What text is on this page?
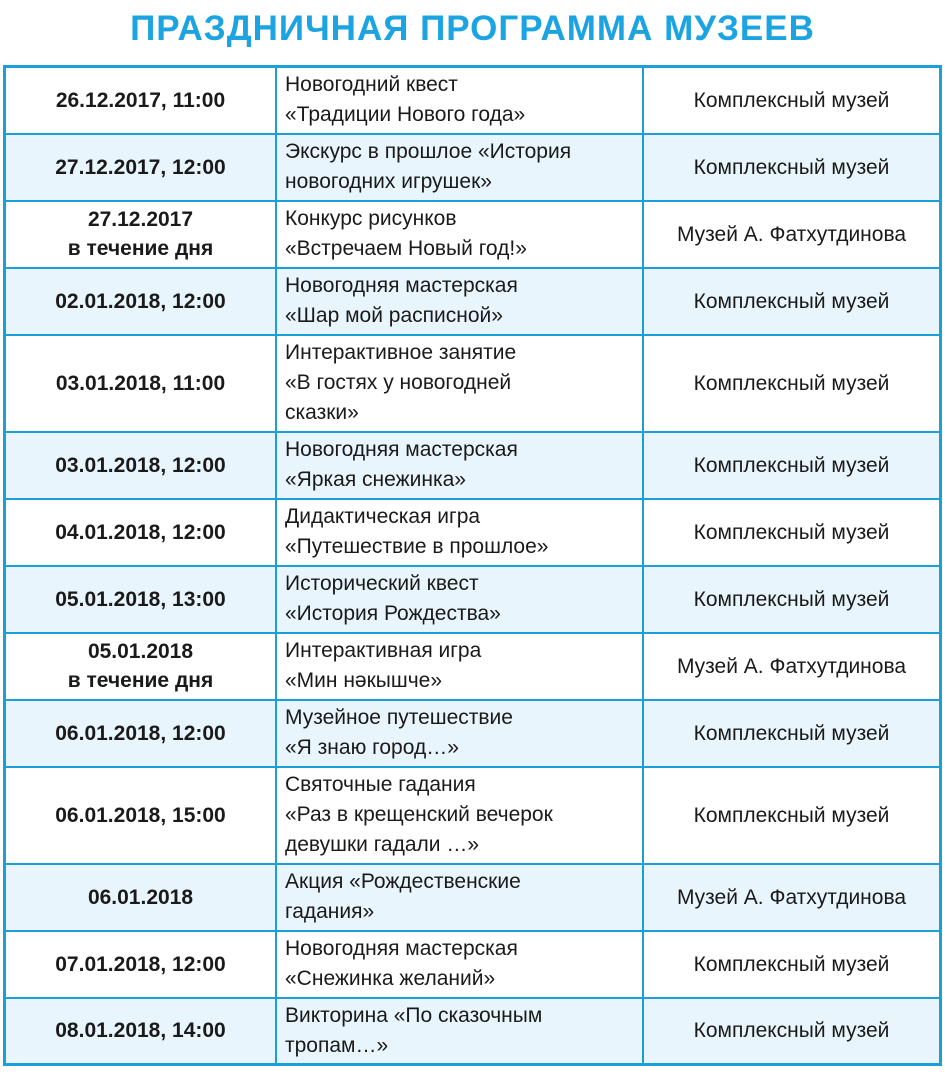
ПРАЗДНИЧНАЯ ПРОГРАММА МУЗЕЕВ
26.12.2017, 11:00	Новогодний квест
«Традиции Нового года»	Комплексный музей

27.12.2017, 12:00	Экскурс в прошлое «История
новогодних игрушек»	Комплексный музей

27.12.2017
в течение дня	Конкурс рисунков
«Встречаем Новый год!»	Музей А. Фатхутдинова

02.01.2018, 12:00	Новогодняя мастерская
«Шар мой расписной»	Комплексный музей

03.01.2018, 11:00	Интерактивное занятие
«В гостях у новогодней
сказки»	Комплексный музей

03.01.2018, 12:00	Новогодняя мастерская
«Яркая снежинка»	Комплексный музей

04.01.2018, 12:00	Дидактическая игра
«Путешествие в прошлое»	Комплексный музей

05.01.2018, 13:00	Исторический квест
«История Рождества»	Комплексный музей

05.01.2018
в течение дня	Интерактивная игра
«Мин нәкышчe»	Музей А. Фатхутдинова

06.01.2018, 12:00	Музейное путешествие
«Я знаю город…»	Комплексный музей

06.01.2018, 15:00	Святочные гадания
«Раз в крещенский вечерок
девушки гадали …»	Комплексный музей

06.01.2018	Акция «Рождественские
гадания»	Музей А. Фатхутдинова

07.01.2018, 12:00	Новогодняя мастерская
«Снежинка желаний»	Комплексный музей

08.01.2018, 14:00	Викторина «По сказочным
тропам…»	Комплексный музей
